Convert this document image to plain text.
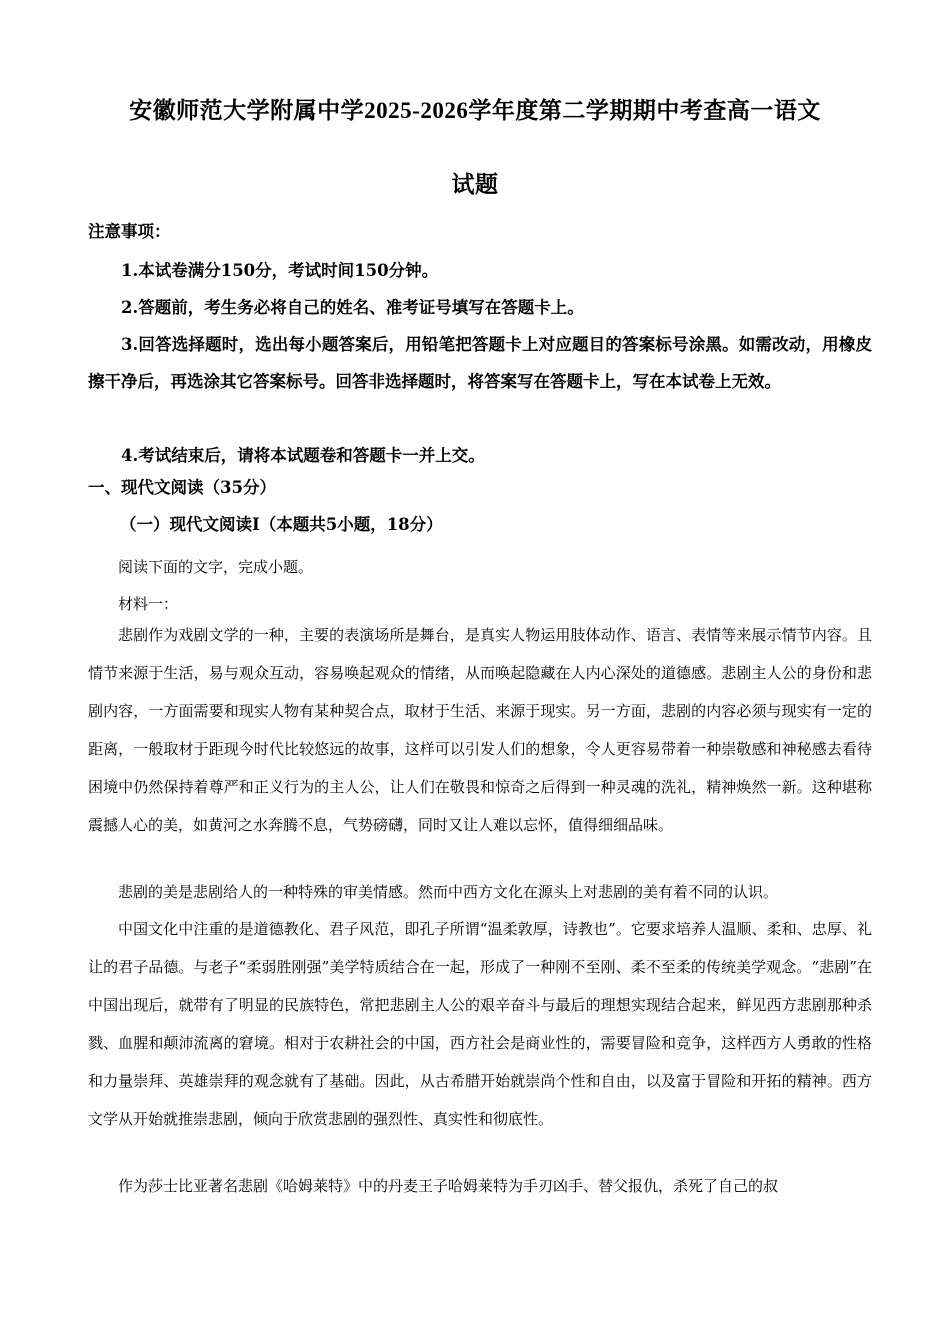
安徽师范大学附属中学2025-2026学年度第二学期期中考查高一语文
试题
注意事项：
1.本试卷满分150分，考试时间150分钟。
2.答题前，考生务必将自己的姓名、准考证号填写在答题卡上。
3.回答选择题时，选出每小题答案后，用铅笔把答题卡上对应题目的答案标号涂黑。如需改动，用橡皮擦干净后，再选涂其它答案标号。回答非选择题时，将答案写在答题卡上，写在本试卷上无效。
4.考试结束后，请将本试题卷和答题卡一并上交。
一、现代文阅读（35分）
（一）现代文阅读Ⅰ（本题共5小题，18分）
阅读下面的文字，完成小题。
材料一：
悲剧作为戏剧文学的一种，主要的表演场所是舞台，是真实人物运用肢体动作、语言、表情等来展示情节内容。且情节来源于生活，易与观众互动，容易唤起观众的情绪，从而唤起隐藏在人内心深处的道德感。悲剧主人公的身份和悲剧内容，一方面需要和现实人物有某种契合点，取材于生活、来源于现实。另一方面，悲剧的内容必须与现实有一定的距离，一般取材于距现今时代比较悠远的故事，这样可以引发人们的想象，令人更容易带着一种崇敬感和神秘感去看待困境中仍然保持着尊严和正义行为的主人公，让人们在敬畏和惊奇之后得到一种灵魂的洗礼，精神焕然一新。这种堪称震撼人心的美，如黄河之水奔腾不息，气势磅礴，同时又让人难以忘怀，值得细细品味。
悲剧的美是悲剧给人的一种特殊的审美情感。然而中西方文化在源头上对悲剧的美有着不同的认识。
中国文化中注重的是道德教化、君子风范，即孔子所谓“温柔敦厚，诗教也”。它要求培养人温顺、柔和、忠厚、礼让的君子品德。与老子“柔弱胜刚强”美学特质结合在一起，形成了一种刚不至刚、柔不至柔的传统美学观念。“悲剧”在中国出现后，就带有了明显的民族特色，常把悲剧主人公的艰辛奋斗与最后的理想实现结合起来，鲜见西方悲剧那种杀戮、血腥和颠沛流离的窘境。相对于农耕社会的中国，西方社会是商业性的，需要冒险和竞争，这样西方人勇敢的性格和力量崇拜、英雄崇拜的观念就有了基础。因此，从古希腊开始就崇尚个性和自由，以及富于冒险和开拓的精神。西方文学从开始就推崇悲剧，倾向于欣赏悲剧的强烈性、真实性和彻底性。
作为莎士比亚著名悲剧《哈姆莱特》中的丹麦王子哈姆莱特为手刃凶手、替父报仇，杀死了自己的叔
